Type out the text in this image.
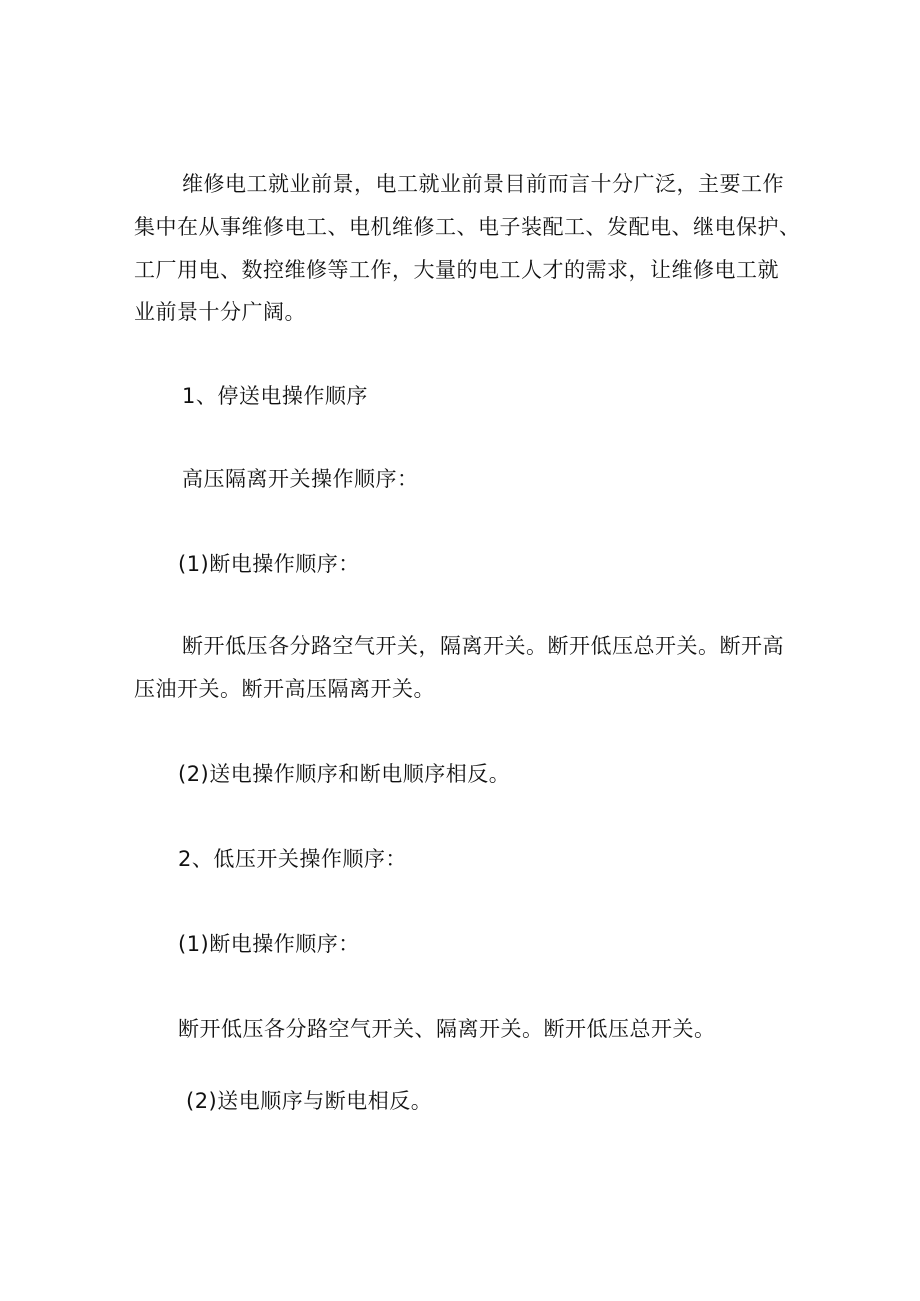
维修电工就业前景，电工就业前景目前而言十分广泛，主要工作
集中在从事维修电工、电机维修工、电子装配工、发配电、继电保护、
工厂用电、数控维修等工作，大量的电工人才的需求，让维修电工就
业前景十分广阔。
1、停送电操作顺序
高压隔离开关操作顺序：
(1)断电操作顺序：
断开低压各分路空气开关，隔离开关。断开低压总开关。断开高
压油开关。断开高压隔离开关。
(2)送电操作顺序和断电顺序相反。
2、低压开关操作顺序：
(1)断电操作顺序：
断开低压各分路空气开关、隔离开关。断开低压总开关。
(2)送电顺序与断电相反。
